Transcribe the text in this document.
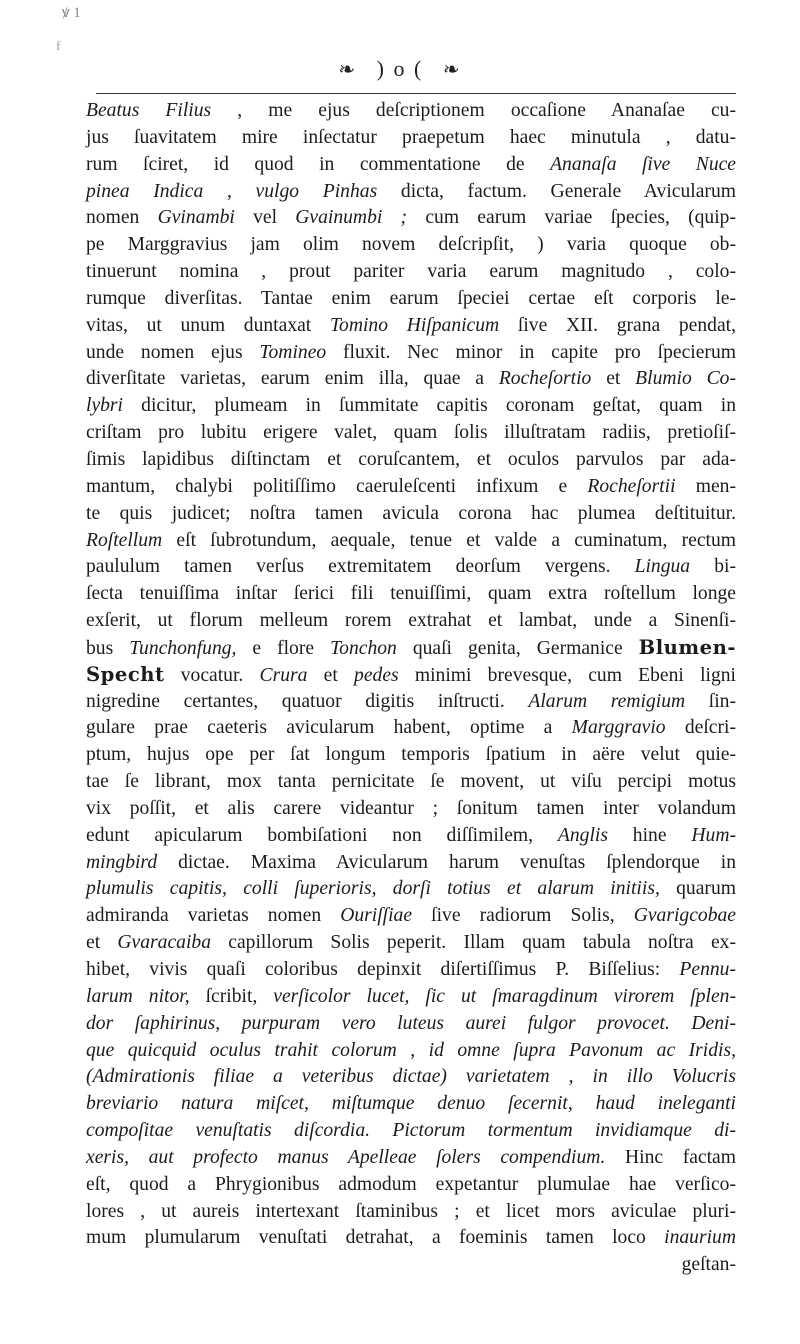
ꝟ 1
f
❧ ) o ( ❧
Beatus Filius , me ejus deſcriptionem occaſione Ananaſae cu-
jus ſuavitatem mire inſectatur praepetum haec minutula , datu-
rum ſciret, id quod in commentatione de Ananaſa ſive Nuce
pinea Indica , vulgo Pinhas dicta, factum. Generale Avicularum
nomen Gvinambi vel Gvainumbi ; cum earum variae ſpecies, (quip-
pe Marggravius jam olim novem deſcripſit, ) varia quoque ob-
tinuerunt nomina , prout pariter varia earum magnitudo , colo-
rumque diverſitas. Tantae enim earum ſpeciei certae eſt corporis le-
vitas, ut unum duntaxat Tomino Hiſpanicum ſive XII. grana pendat,
unde nomen ejus Tomineo fluxit. Nec minor in capite pro ſpecierum
diverſitate varietas, earum enim illa, quae a Rocheſortio et Blumio Co-
lybri dicitur, plumeam in ſummitate capitis coronam geſtat, quam in
criſtam pro lubitu erigere valet, quam ſolis illuſtratam radiis, pretioſiſ-
ſimis lapidibus diſtinctam et coruſcantem, et oculos parvulos par ada-
mantum, chalybi politiſſimo caeruleſcenti infixum e Rocheſortii men-
te quis judicet; noſtra tamen avicula corona hac plumea deſtituitur.
Roſtellum eſt ſubrotundum, aequale, tenue et valde a cuminatum, rectum
paululum tamen verſus extremitatem deorſum vergens. Lingua bi-
ſecta tenuiſſima inſtar ſerici fili tenuiſſimi, quam extra roſtellum longe
exſerit, ut florum melleum rorem extrahat et lambat, unde a Sinenſi-
bus Tunchonfung, e flore Tonchon quaſi genita, Germanice Blumen-
Specht vocatur. Crura et pedes minimi brevesque, cum Ebeni ligni
nigredine certantes, quatuor digitis inſtructi. Alarum remigium ſin-
gulare prae caeteris avicularum habent, optime a Marggravio deſcri-
ptum, hujus ope per ſat longum temporis ſpatium in aëre velut quie-
tae ſe librant, mox tanta pernicitate ſe movent, ut viſu percipi motus
vix poſſit, et alis carere videantur ; ſonitum tamen inter volandum
edunt apicularum bombiſationi non diſſimilem, Anglis hine Hum-
mingbird dictae. Maxima Avicularum harum venuſtas ſplendorque in
plumulis capitis, colli ſuperioris, dorſi totius et alarum initiis, quarum
admiranda varietas nomen Ouriſſiae ſive radiorum Solis, Gvarigcobae
et Gvaracaiba capillorum Solis peperit. Illam quam tabula noſtra ex-
hibet, vivis quaſi coloribus depinxit diſertiſſimus P. Biſſelius: Pennu-
larum nitor, ſcribit, verſicolor lucet, ſic ut ſmaragdinum virorem ſplen-
dor ſaphirinus, purpuram vero luteus aurei fulgor provocet. Deni-
que quicquid oculus trahit colorum , id omne ſupra Pavonum ac Iridis,
(Admirationis filiae a veteribus dictae) varietatem , in illo Volucris
breviario natura miſcet, miſtumque denuo ſecernit, haud ineleganti
compoſitae venuſtatis diſcordia. Pictorum tormentum invidiamque di-
xeris, aut profecto manus Apelleae ſolers compendium. Hinc factam
eſt, quod a Phrygionibus admodum expetantur plumulae hae verſico-
lores , ut aureis intertexant ſtaminibus ; et licet mors aviculae pluri-
mum plumularum venuſtati detrahat, a foeminis tamen loco inaurium
geſtan-
